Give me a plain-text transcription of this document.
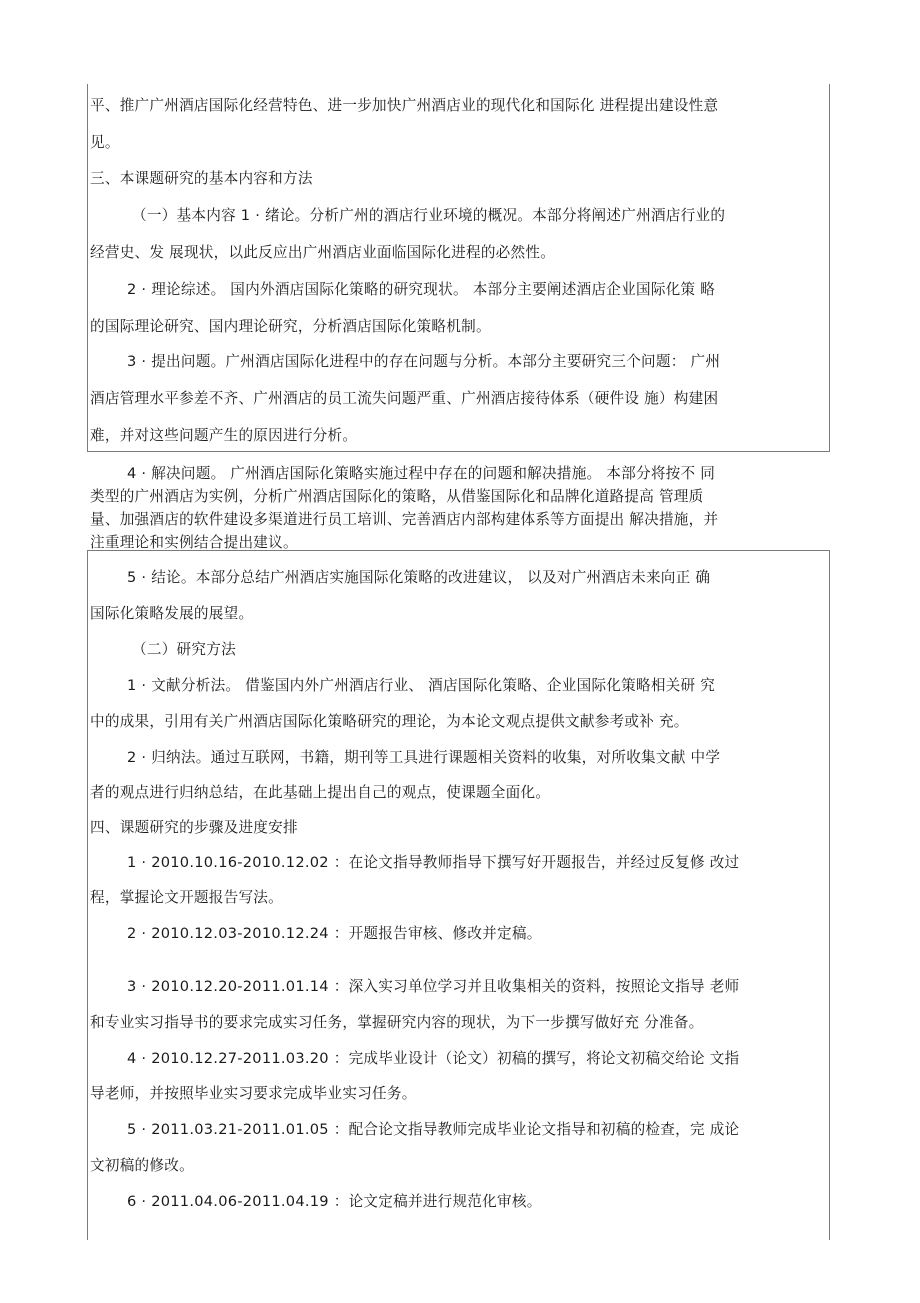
平、推广广州酒店国际化经营特色、进一步加快广州酒店业的现代化和国际化 进程提出建设性意
见。
三、本课题研究的基本内容和方法
（一）基本内容 1 · 绪论。分析广州的酒店行业环境的概况。本部分将阐述广州酒店行业的
经营史、发 展现状，以此反应出广州酒店业面临国际化进程的必然性。
2 · 理论综述。 国内外酒店国际化策略的研究现状。 本部分主要阐述酒店企业国际化策 略
的国际理论研究、国内理论研究，分析酒店国际化策略机制。
3 · 提出问题。广州酒店国际化进程中的存在问题与分析。本部分主要研究三个问题： 广州
酒店管理水平参差不齐、广州酒店的员工流失问题严重、广州酒店接待体系（硬件设 施）构建困
难，并对这些问题产生的原因进行分析。
4 · 解决问题。 广州酒店国际化策略实施过程中存在的问题和解决措施。 本部分将按不 同
类型的广州酒店为实例，分析广州酒店国际化的策略，从借鉴国际化和品牌化道路提高 管理质
量、加强酒店的软件建设多渠道进行员工培训、完善酒店内部构建体系等方面提出 解决措施，并
注重理论和实例结合提出建议。
5 · 结论。本部分总结广州酒店实施国际化策略的改进建议， 以及对广州酒店未来向正 确
国际化策略发展的展望。
（二）研究方法
1 · 文献分析法。 借鉴国内外广州酒店行业、 酒店国际化策略、企业国际化策略相关研 究
中的成果，引用有关广州酒店国际化策略研究的理论，为本论文观点提供文献参考或补 充。
2 · 归纳法。通过互联网，书籍，期刊等工具进行课题相关资料的收集，对所收集文献 中学
者的观点进行归纳总结，在此基础上提出自己的观点，使课题全面化。
四、课题研究的步骤及进度安排
1 · 2010.10.16-2010.12.02 ：在论文指导教师指导下撰写好开题报告，并经过反复修 改过
程，掌握论文开题报告写法。
2 · 2010.12.03-2010.12.24 ：开题报告审核、修改并定稿。
3 · 2010.12.20-2011.01.14 ：深入实习单位学习并且收集相关的资料，按照论文指导 老师
和专业实习指导书的要求完成实习任务，掌握研究内容的现状，为下一步撰写做好充 分准备。
4 · 2010.12.27-2011.03.20 ：完成毕业设计（论文）初稿的撰写，将论文初稿交给论 文指
导老师，并按照毕业实习要求完成毕业实习任务。
5 · 2011.03.21-2011.01.05 ：配合论文指导教师完成毕业论文指导和初稿的检查，完 成论
文初稿的修改。
6 · 2011.04.06-2011.04.19 ：论文定稿并进行规范化审核。
